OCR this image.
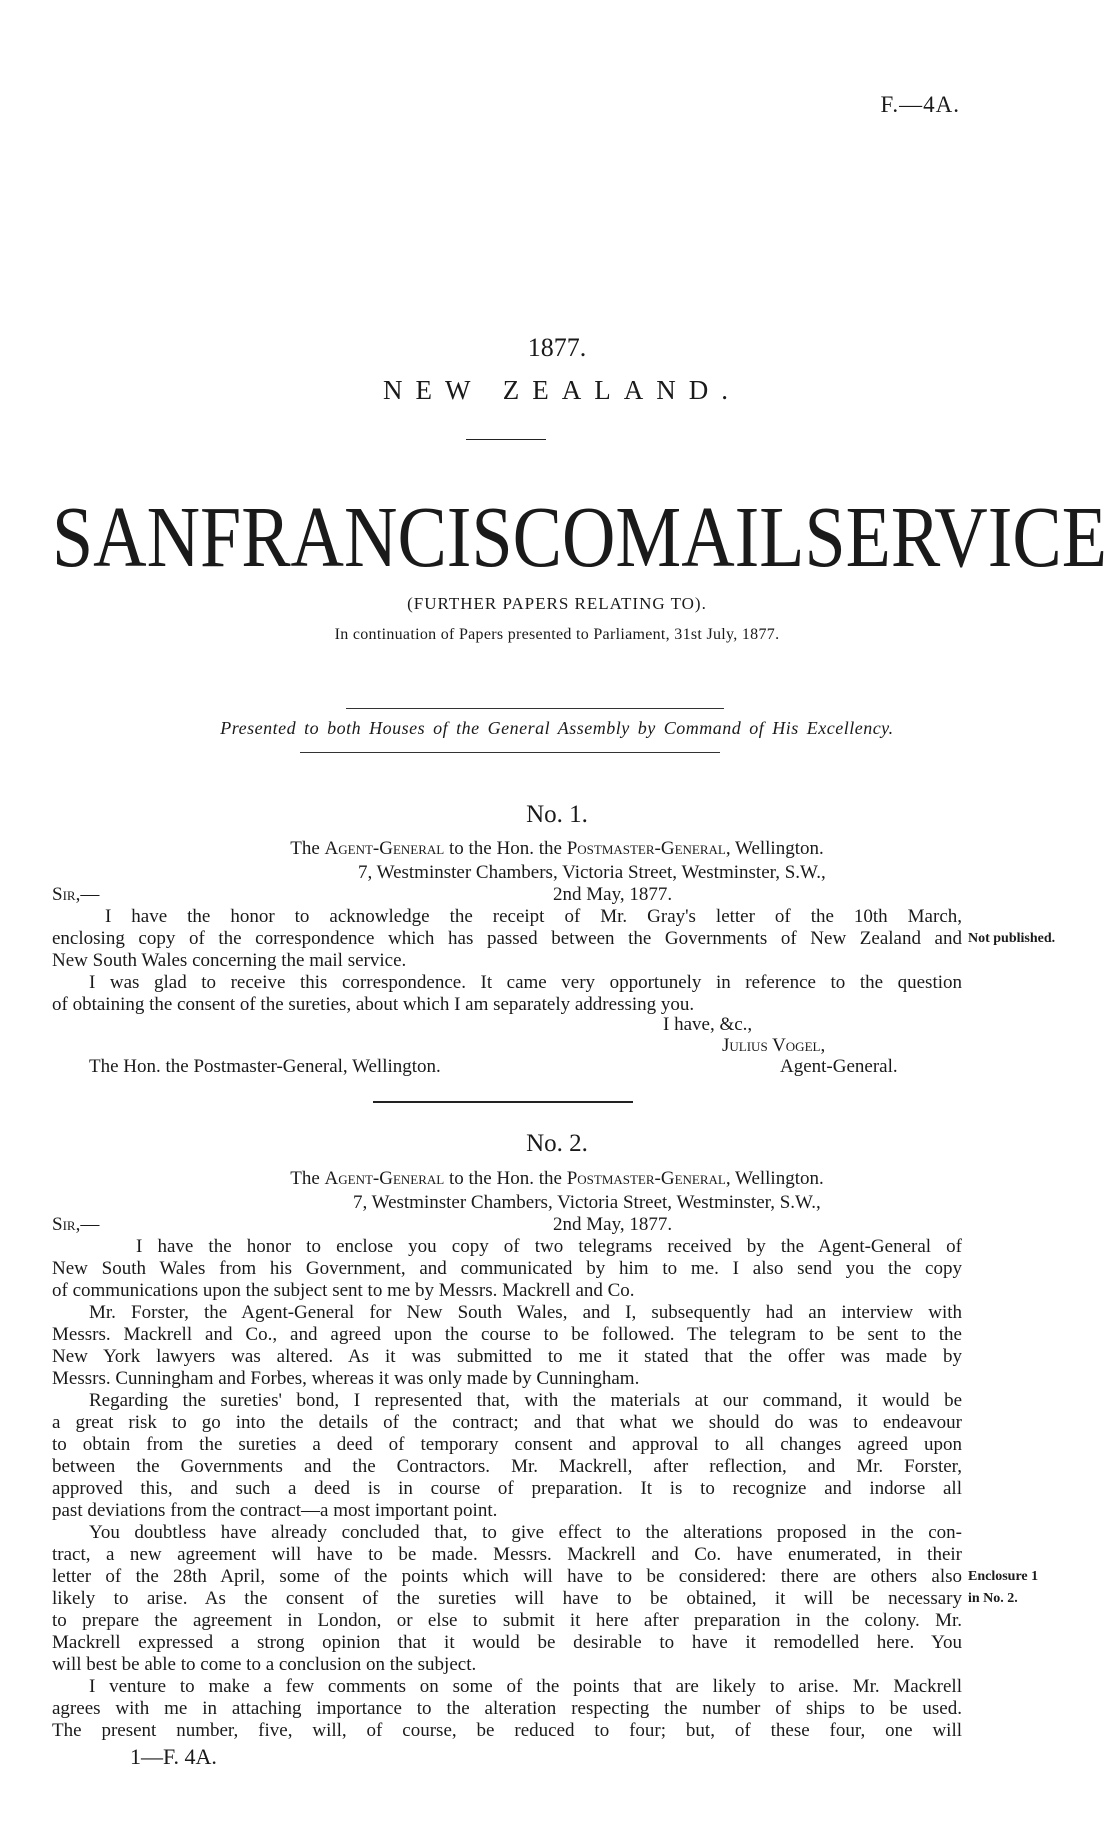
F.—4A.
1877.
NEW ZEALAND.
SAN FRANCISCO MAIL SERVICE
(FURTHER PAPERS RELATING TO).
In continuation of Papers presented to Parliament, 31st July, 1877.
Presented to both Houses of the General Assembly by Command of His Excellency.
No. 1.
The Agent-General to the Hon. the Postmaster-General, Wellington.
7, Westminster Chambers, Victoria Street, Westminster, S.W.,
Sir,—	2nd May, 1877.
I have the honor to acknowledge the receipt of Mr. Gray's letter of the 10th March,
enclosing copy of the correspondence which has passed between the Governments of New Zealand and Not published.
New South Wales concerning the mail service.
I was glad to receive this correspondence. It came very opportunely in reference to the question
of obtaining the consent of the sureties, about which I am separately addressing you.
I have, &c.,
Julius Vogel,
The Hon. the Postmaster-General, Wellington.	Agent-General.
No. 2.
The Agent-General to the Hon. the Postmaster-General, Wellington.
7, Westminster Chambers, Victoria Street, Westminster, S.W.,
Sir,—	2nd May, 1877.
I have the honor to enclose you copy of two telegrams received by the Agent-General of
New South Wales from his Government, and communicated by him to me. I also send you the copy
of communications upon the subject sent to me by Messrs. Mackrell and Co.
Mr. Forster, the Agent-General for New South Wales, and I, subsequently had an interview with
Messrs. Mackrell and Co., and agreed upon the course to be followed. The telegram to be sent to the
New York lawyers was altered. As it was submitted to me it stated that the offer was made by
Messrs. Cunningham and Forbes, whereas it was only made by Cunningham.
Regarding the sureties' bond, I represented that, with the materials at our command, it would be
a great risk to go into the details of the contract; and that what we should do was to endeavour
to obtain from the sureties a deed of temporary consent and approval to all changes agreed upon
between the Governments and the Contractors. Mr. Mackrell, after reflection, and Mr. Forster,
approved this, and such a deed is in course of preparation. It is to recognize and indorse all
past deviations from the contract—a most important point.
You doubtless have already concluded that, to give effect to the alterations proposed in the con-
tract, a new agreement will have to be made. Messrs. Mackrell and Co. have enumerated, in their
letter of the 28th April, some of the points which will have to be considered: there are others also Enclosure 1
likely to arise. As the consent of the sureties will have to be obtained, it will be necessary in No. 2.
to prepare the agreement in London, or else to submit it here after preparation in the colony. Mr.
Mackrell expressed a strong opinion that it would be desirable to have it remodelled here. You
will best be able to come to a conclusion on the subject.
I venture to make a few comments on some of the points that are likely to arise. Mr. Mackrell
agrees with me in attaching importance to the alteration respecting the number of ships to be used.
The present number, five, will, of course, be reduced to four; but, of these four, one will
1—F. 4A.
